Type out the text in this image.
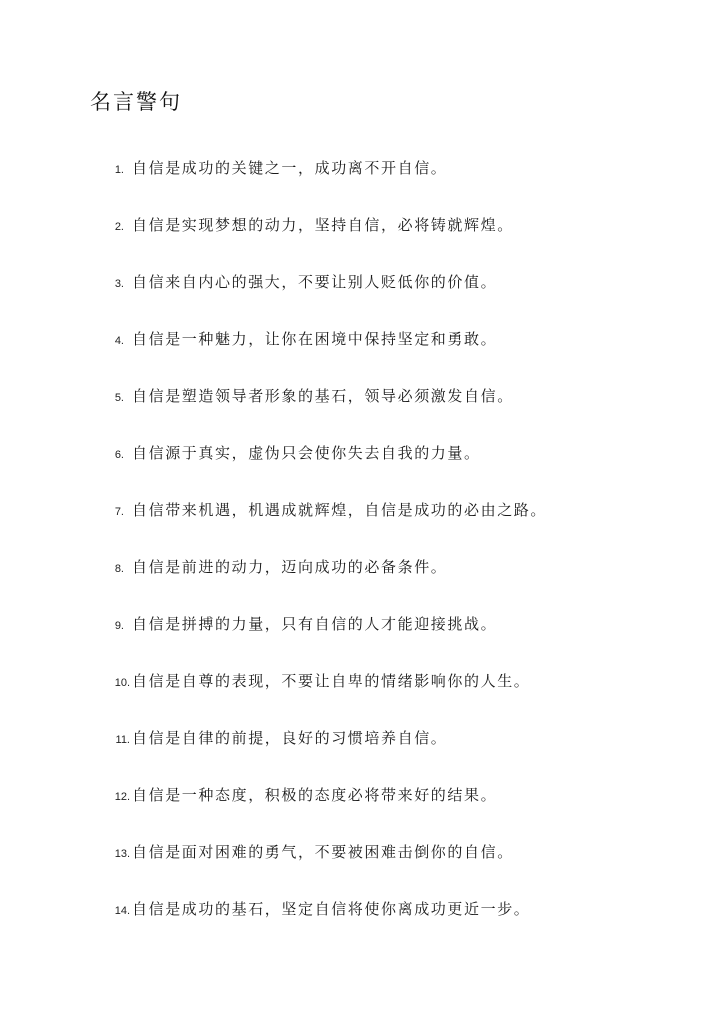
名言警句
1. 自信是成功的关键之一，成功离不开自信。
2. 自信是实现梦想的动力，坚持自信，必将铸就辉煌。
3. 自信来自内心的强大，不要让别人贬低你的价值。
4. 自信是一种魅力，让你在困境中保持坚定和勇敢。
5. 自信是塑造领导者形象的基石，领导必须激发自信。
6. 自信源于真实，虚伪只会使你失去自我的力量。
7. 自信带来机遇，机遇成就辉煌，自信是成功的必由之路。
8. 自信是前进的动力，迈向成功的必备条件。
9. 自信是拼搏的力量，只有自信的人才能迎接挑战。
10. 自信是自尊的表现，不要让自卑的情绪影响你的人生。
11. 自信是自律的前提，良好的习惯培养自信。
12. 自信是一种态度，积极的态度必将带来好的结果。
13. 自信是面对困难的勇气，不要被困难击倒你的自信。
14. 自信是成功的基石，坚定自信将使你离成功更近一步。
